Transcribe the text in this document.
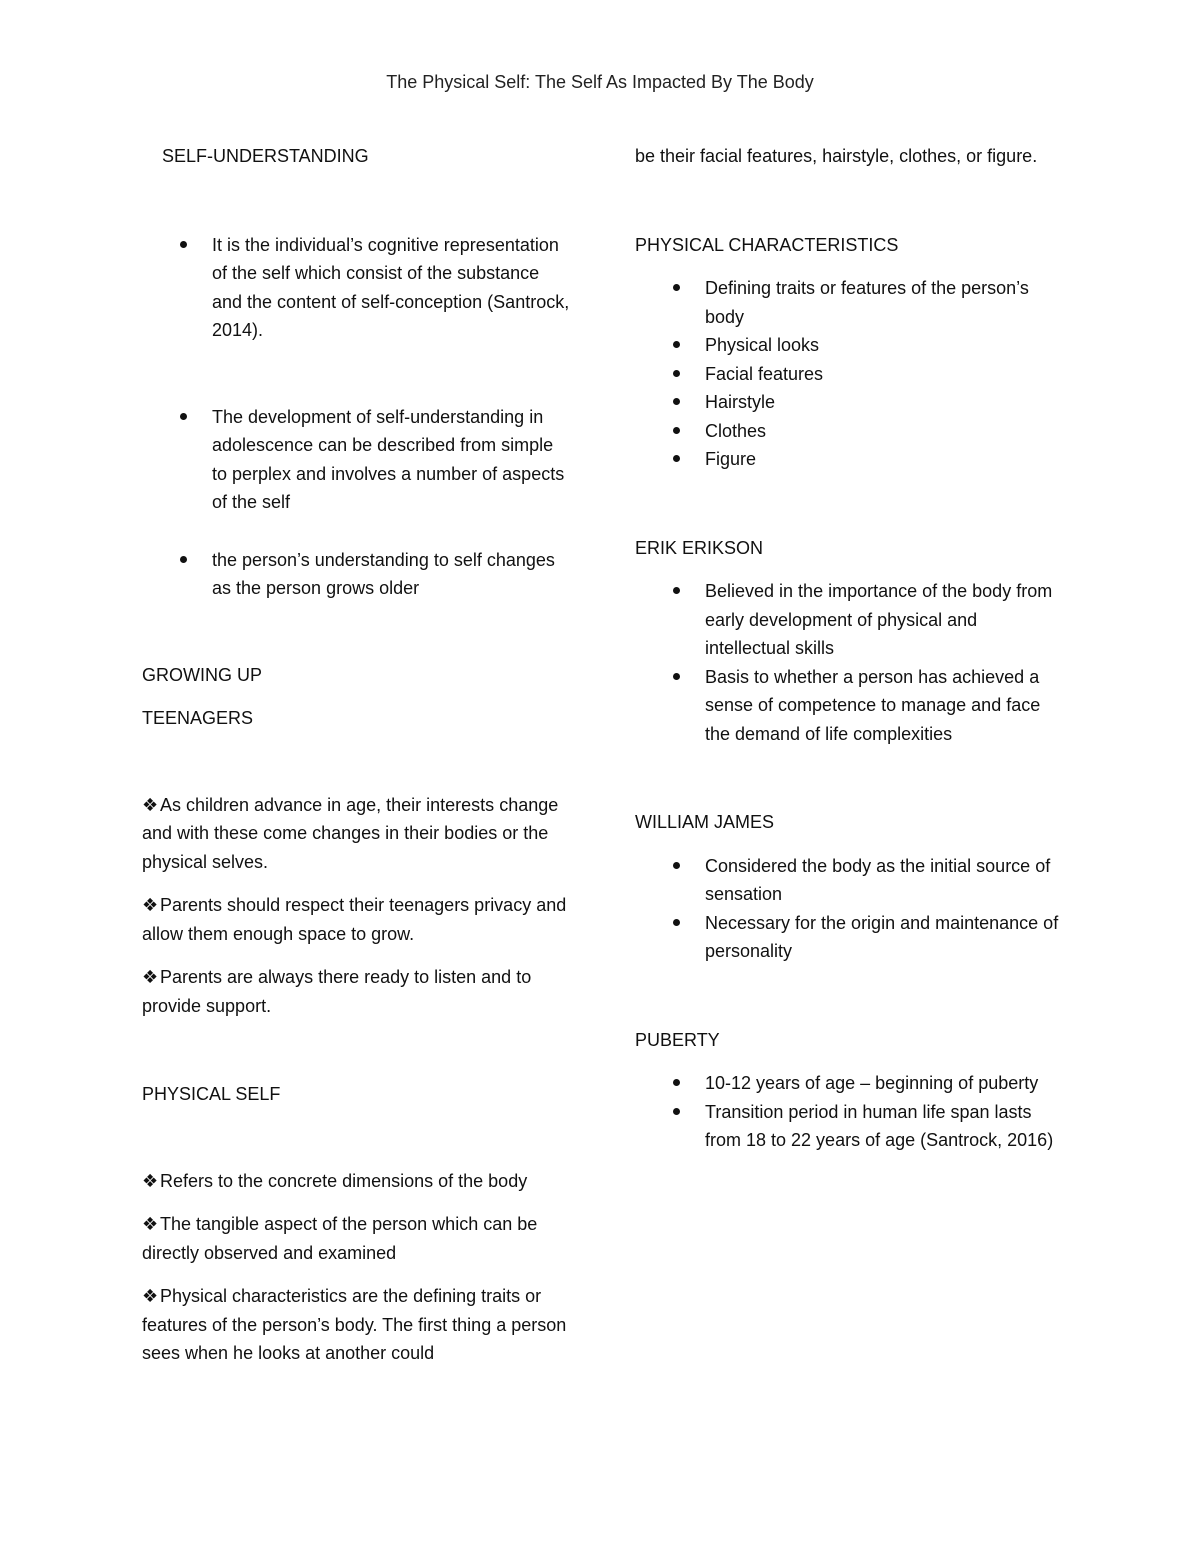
The Physical Self: The Self As Impacted By The Body

SELF-UNDERSTANDING

It is the individual’s cognitive representation of the self which consist of the substance and the content of self-conception (Santrock, 2014).
The development of self-understanding in adolescence can be described from simple to perplex and involves a number of aspects of the self
the person’s understanding to self changes as the person grows older

GROWING UP

TEENAGERS

❖ As children advance in age, their interests change and with these come changes in their bodies or the physical selves.
❖ Parents should respect their teenagers privacy and allow them enough space to grow.
❖ Parents are always there ready to listen and to provide support.

PHYSICAL SELF

❖ Refers to the concrete dimensions of the body
❖ The tangible aspect of the person which can be directly observed and examined
❖ Physical characteristics are the defining traits or features of the person’s body. The first thing a person sees when he looks at another could

be their facial features, hairstyle, clothes, or figure.

PHYSICAL CHARACTERISTICS

Defining traits or features of the person’s body
Physical looks
Facial features
Hairstyle
Clothes
Figure

ERIK ERIKSON

Believed in the importance of the body from early development of physical and intellectual skills
Basis to whether a person has achieved a sense of competence to manage and face the demand of life complexities

WILLIAM JAMES

Considered the body as the initial source of sensation
Necessary for the origin and maintenance of personality

PUBERTY

10-12 years of age – beginning of puberty
Transition period in human life span lasts from 18 to 22 years of age (Santrock, 2016)
